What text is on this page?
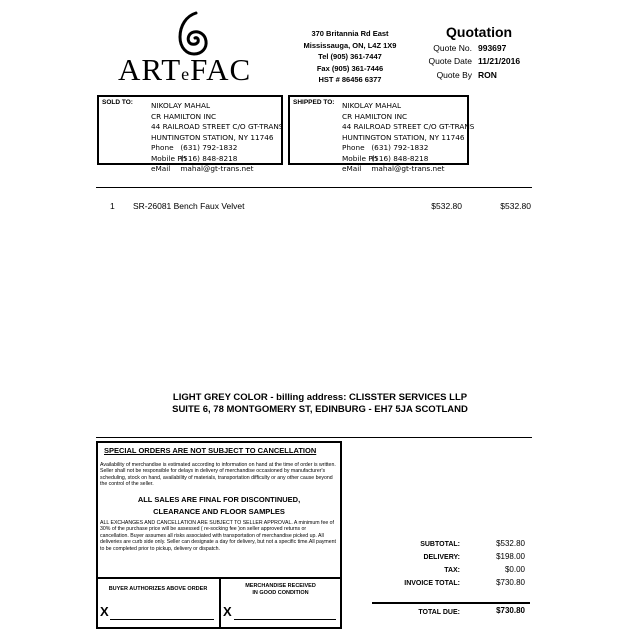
ARTeFAC
370 Britannia Rd East
Mississauga, ON, L4Z 1X9
Tel (905) 361-7447
Fax (905) 361-7446
HST # 86456 6377
Quotation
Quote No. 993697
Quote Date 11/21/2016
Quote By RON
SOLD TO: NIKOLAY MAHAL
CR HAMILTON INC
44 RAILROAD STREET C/O GT-TRANS
HUNTINGTON STATION, NY 11746
Phone (631) 792-1832
Mobile Ph (516) 848-8218
eMail mahal@gt-trans.net
SHIPPED TO: NIKOLAY MAHAL
CR HAMILTON INC
44 RAILROAD STREET C/O GT-TRANS
HUNTINGTON STATION, NY 11746
Phone (631) 792-1832
Mobile Ph (516) 848-8218
eMail mahal@gt-trans.net
1 SR-26081 Bench Faux Velvet	$532.80	$532.80
LIGHT GREY COLOR - billing address: CLISSTER SERVICES LLP
SUITE 6, 78 MONTGOMERY ST, EDINBURG - EH7 5JA SCOTLAND
SPECIAL ORDERS ARE NOT SUBJECT TO CANCELLATION
Availability of merchandise is estimated according to information on hand at the time of order is written. Seller shall not be responsible for delays in delivery of merchandise occasioned by manufacturer's scheduling, stock on hand, availability of materials, transportation difficulty or any other cause beyond the control of the seller.
ALL SALES ARE FINAL FOR DISCONTINUED,
CLEARANCE AND FLOOR SAMPLES
ALL EXCHANGES AND CANCELLATION ARE SUBJECT TO SELLER APPROVAL. A minimum fee of 30% of the purchase price will be assessed ( re-socking fee )on seller approved returns or cancellation. Buyer assumes all risks associated with transportation of merchandise picked up. All deliveries are curb side only. Seller can designate a day for delivery, but not a specific time.All payment to be completed prior to pickup, delivery or dispatch.
BUYER AUTHORIZES ABOVE ORDER	MERCHANDISE RECEIVED
IN GOOD CONDITION
X	X
SUBTOTAL:	$532.80
DELIVERY:	$198.00
TAX:	$0.00
INVOICE TOTAL:	$730.80
TOTAL DUE:	$730.80
